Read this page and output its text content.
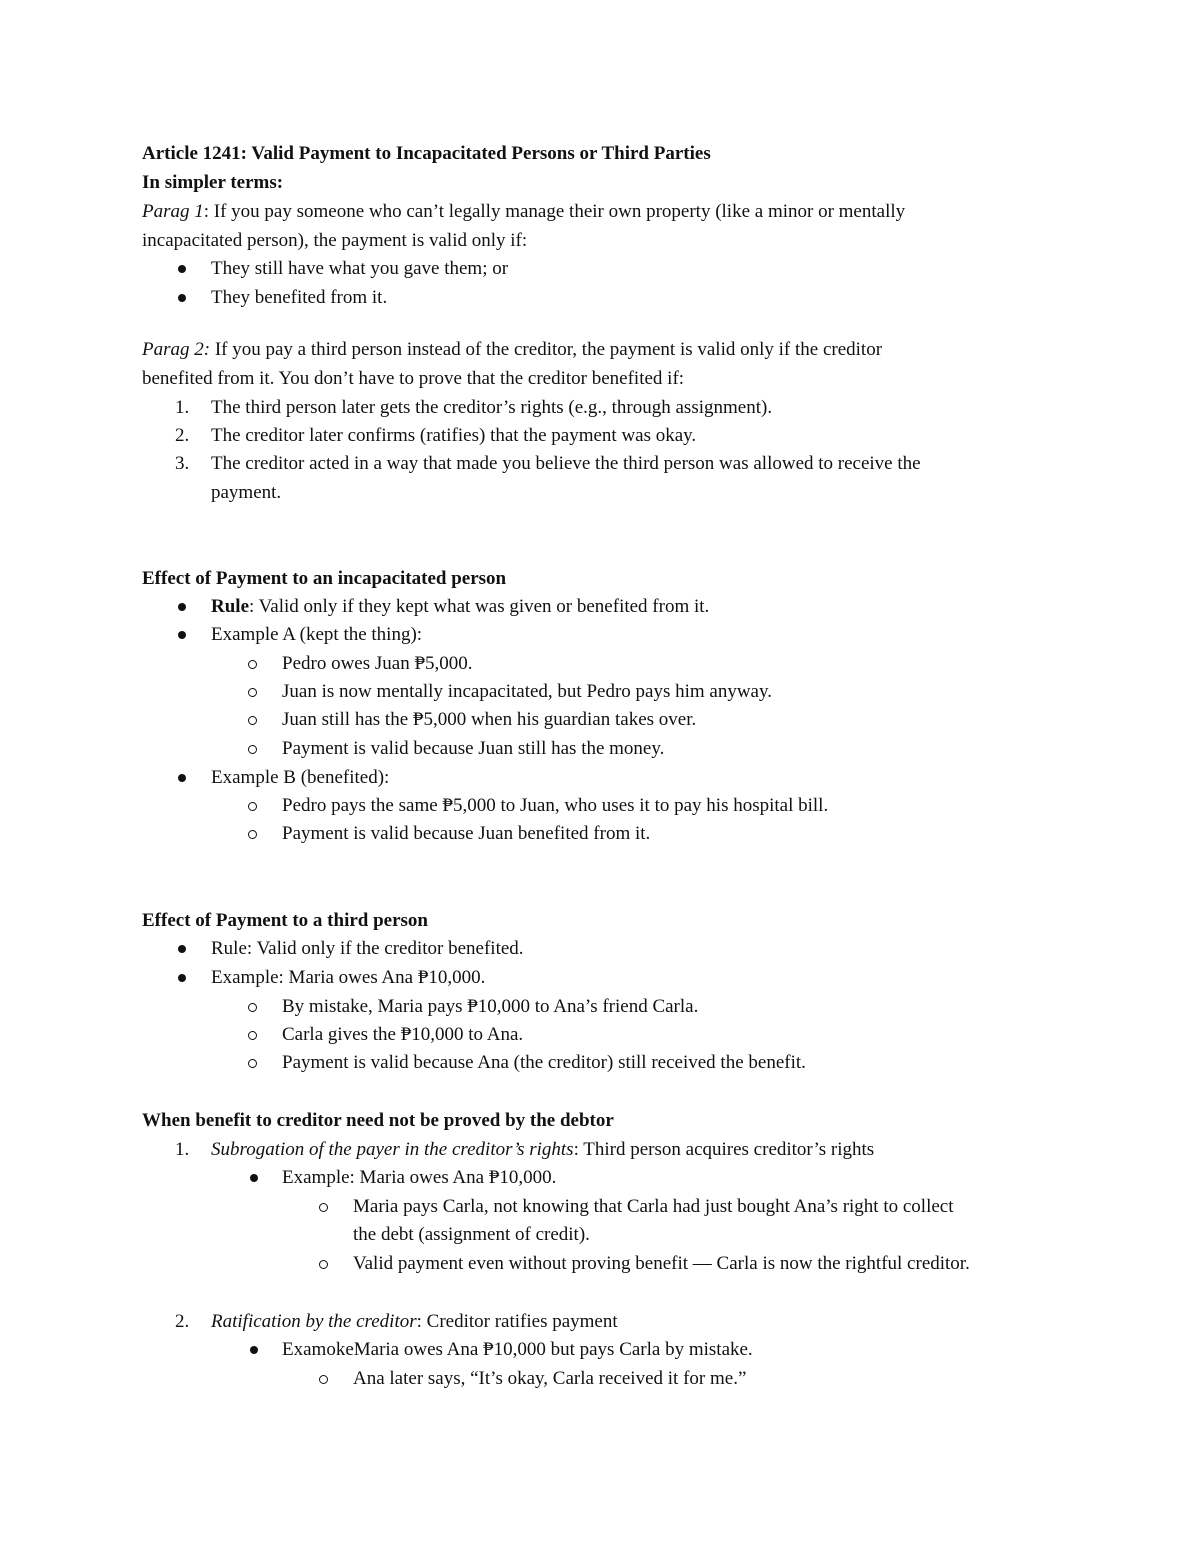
Article 1241: Valid Payment to Incapacitated Persons or Third Parties
In simpler terms:
Parag 1: If you pay someone who can’t legally manage their own property (like a minor or mentally
incapacitated person), the payment is valid only if:
They still have what you gave them; or
They benefited from it.
Parag 2: If you pay a third person instead of the creditor, the payment is valid only if the creditor
benefited from it. You don’t have to prove that the creditor benefited if:
1. The third person later gets the creditor’s rights (e.g., through assignment).
2. The creditor later confirms (ratifies) that the payment was okay.
3. The creditor acted in a way that made you believe the third person was allowed to receive the
payment.
Effect of Payment to an incapacitated person
Rule: Valid only if they kept what was given or benefited from it.
Example A (kept the thing):
Pedro owes Juan ₱5,000.
Juan is now mentally incapacitated, but Pedro pays him anyway.
Juan still has the ₱5,000 when his guardian takes over.
Payment is valid because Juan still has the money.
Example B (benefited):
Pedro pays the same ₱5,000 to Juan, who uses it to pay his hospital bill.
Payment is valid because Juan benefited from it.
Effect of Payment to a third person
Rule: Valid only if the creditor benefited.
Example: Maria owes Ana ₱10,000.
By mistake, Maria pays ₱10,000 to Ana’s friend Carla.
Carla gives the ₱10,000 to Ana.
Payment is valid because Ana (the creditor) still received the benefit.
When benefit to creditor need not be proved by the debtor
1. Subrogation of the payer in the creditor’s rights: Third person acquires creditor’s rights
Example: Maria owes Ana ₱10,000.
Maria pays Carla, not knowing that Carla had just bought Ana’s right to collect
the debt (assignment of credit).
Valid payment even without proving benefit — Carla is now the rightful creditor.
2. Ratification by the creditor: Creditor ratifies payment
ExamokeMaria owes Ana ₱10,000 but pays Carla by mistake.
Ana later says, “It’s okay, Carla received it for me.”
